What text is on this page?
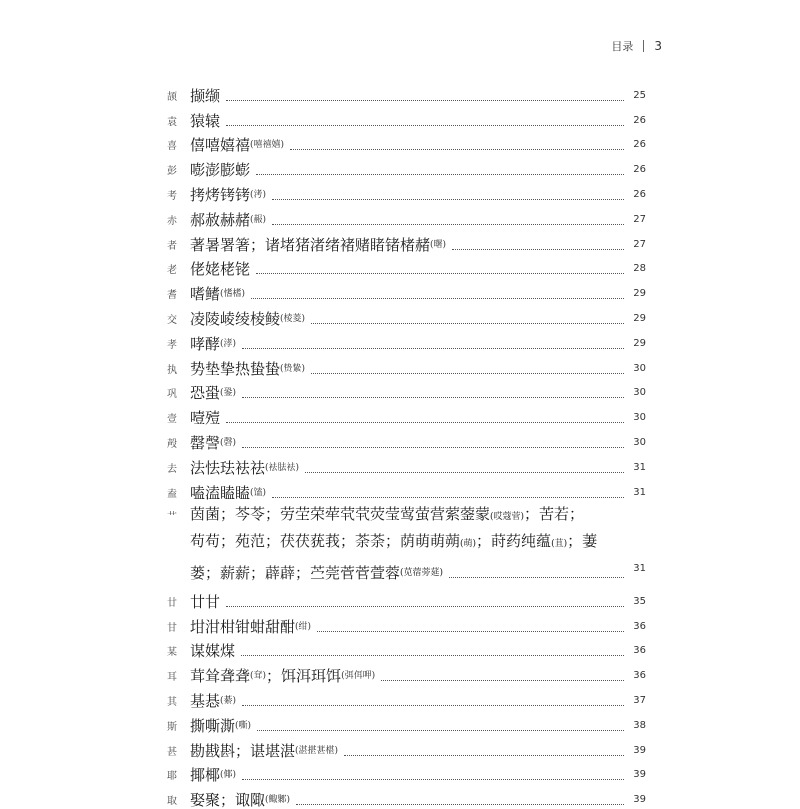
目录 3
颉 撷缬	25
袁 猿辕	26
喜 僖嘻嬉禧 (嘻禧嬉)	26
彭 嘭澎膨蟛	26
考 拷烤铐铐 (洘)	26
赤 郝赦赫赭 (赧)	27
者 著暑署箸；诸堵猪渚绪褚赌睹锗楮赭 (曙)	27
老 佬姥栳铑	28
耆 嗜鳍 (愭榰)	29
交 凌陵崚绫棱鲮 (棱菱)	29
孝 哮酵 (涍)	29
执 势垫挚热蛰蛰 (贽絷)	30
巩 恐蛩 (銎)	30
壹 噎殪	30
殸 罄謦 (磬)	30
去 法怯珐袪祛 (袪胠袪)	31
盍 嗑溘瞌瞌 (馌)	31
艹 茵菌；芩苓；劳茔荣荦茕茕荧莹莺萤营萦蓥蒙(哎蔻菅)；苦若；
苟苟；苑范；茯茯莸莪；荼荼；荫萌萌蒴(萌)；莳药纯蕴(苴)；萋
蒌；薪薪；薜薜；苎莞菅菅萱蓉 (苋蓿蒡莚)	31
廿 廿甘	35
甘 坩泔柑钳蚶甜酣 (绀)	36
某 谋媒煤	36
耳 茸耸聋聋 (耷) ；饵洱珥饵 (弭佴呷)	36
其 基惎 (綦)	37
斯 撕嘶澌 (嘶)	38
甚 勘戡斟；谌堪湛 (湛揕葚椹)	39
耶 揶椰 (倻)	39
取 娶聚；诹陬 (鲰鄹)	39
